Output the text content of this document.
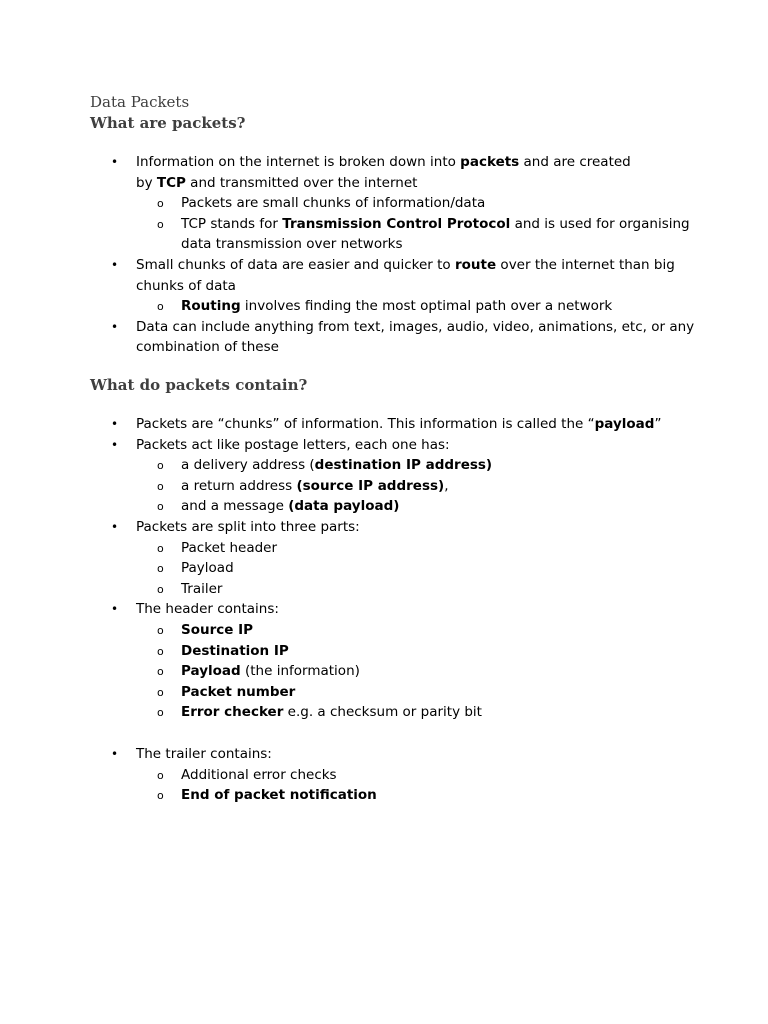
Data Packets
What are packets?
• Information on the internet is broken down into packets and are created
by TCP and transmitted over the internet
o Packets are small chunks of information/data
o TCP stands for Transmission Control Protocol and is used for organising
data transmission over networks
• Small chunks of data are easier and quicker to route over the internet than big
chunks of data
o Routing involves finding the most optimal path over a network
• Data can include anything from text, images, audio, video, animations, etc, or any
combination of these
What do packets contain?
• Packets are “chunks” of information. This information is called the “payload”
• Packets act like postage letters, each one has:
o a delivery address (destination IP address)
o a return address (source IP address),
o and a message (data payload)
• Packets are split into three parts:
o Packet header
o Payload
o Trailer
• The header contains:
o Source IP
o Destination IP
o Payload (the information)
o Packet number
o Error checker e.g. a checksum or parity bit
• The trailer contains:
o Additional error checks
o End of packet notification
